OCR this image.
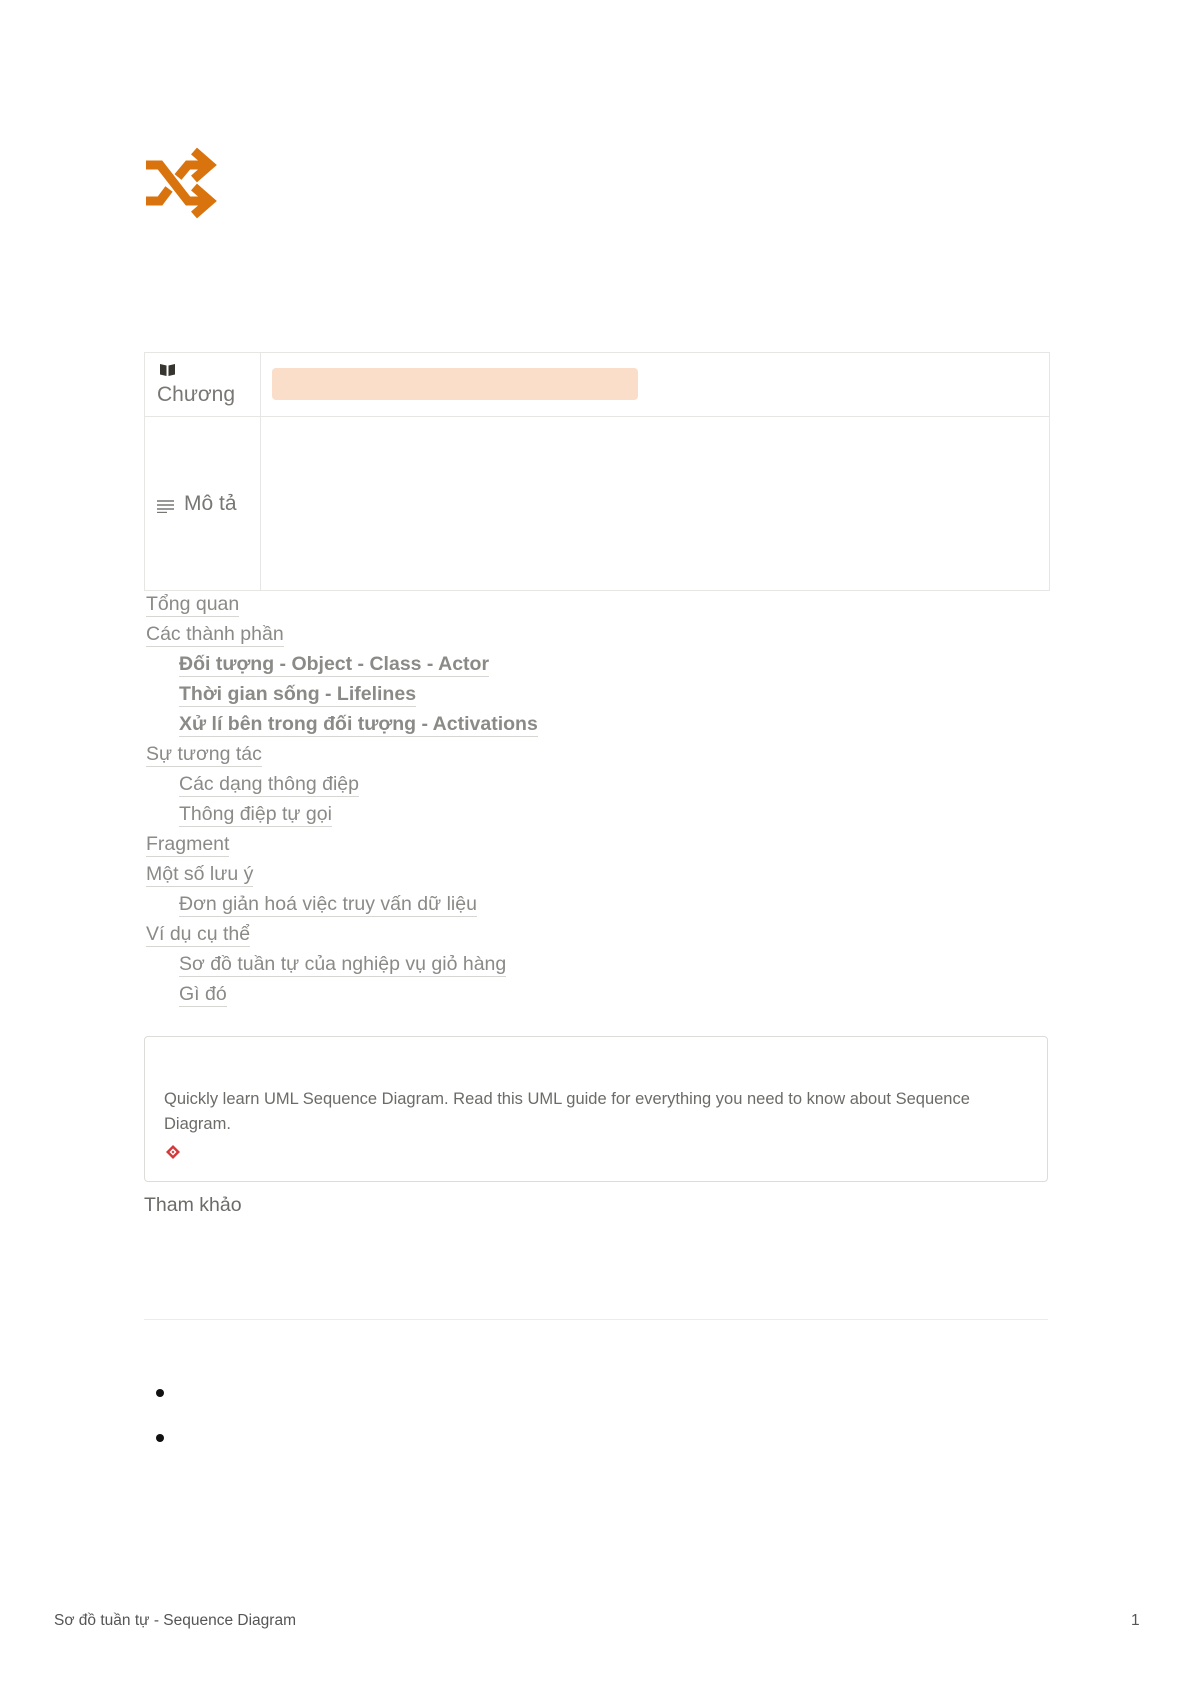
Chương
Mô tả
Tổng quan
Các thành phần
Đối tượng - Object - Class - Actor
Thời gian sống - Lifelines
Xử lí bên trong đối tượng - Activations
Sự tương tác
Các dạng thông điệp
Thông điệp tự gọi
Fragment
Một số lưu ý
Đơn giản hoá việc truy vấn dữ liệu
Ví dụ cụ thể
Sơ đồ tuần tự của nghiệp vụ giỏ hàng
Gì đó
Quickly learn UML Sequence Diagram. Read this UML guide for everything you need to know about Sequence Diagram.
Tham khảo
Sơ đồ tuần tự - Sequence Diagram	1
